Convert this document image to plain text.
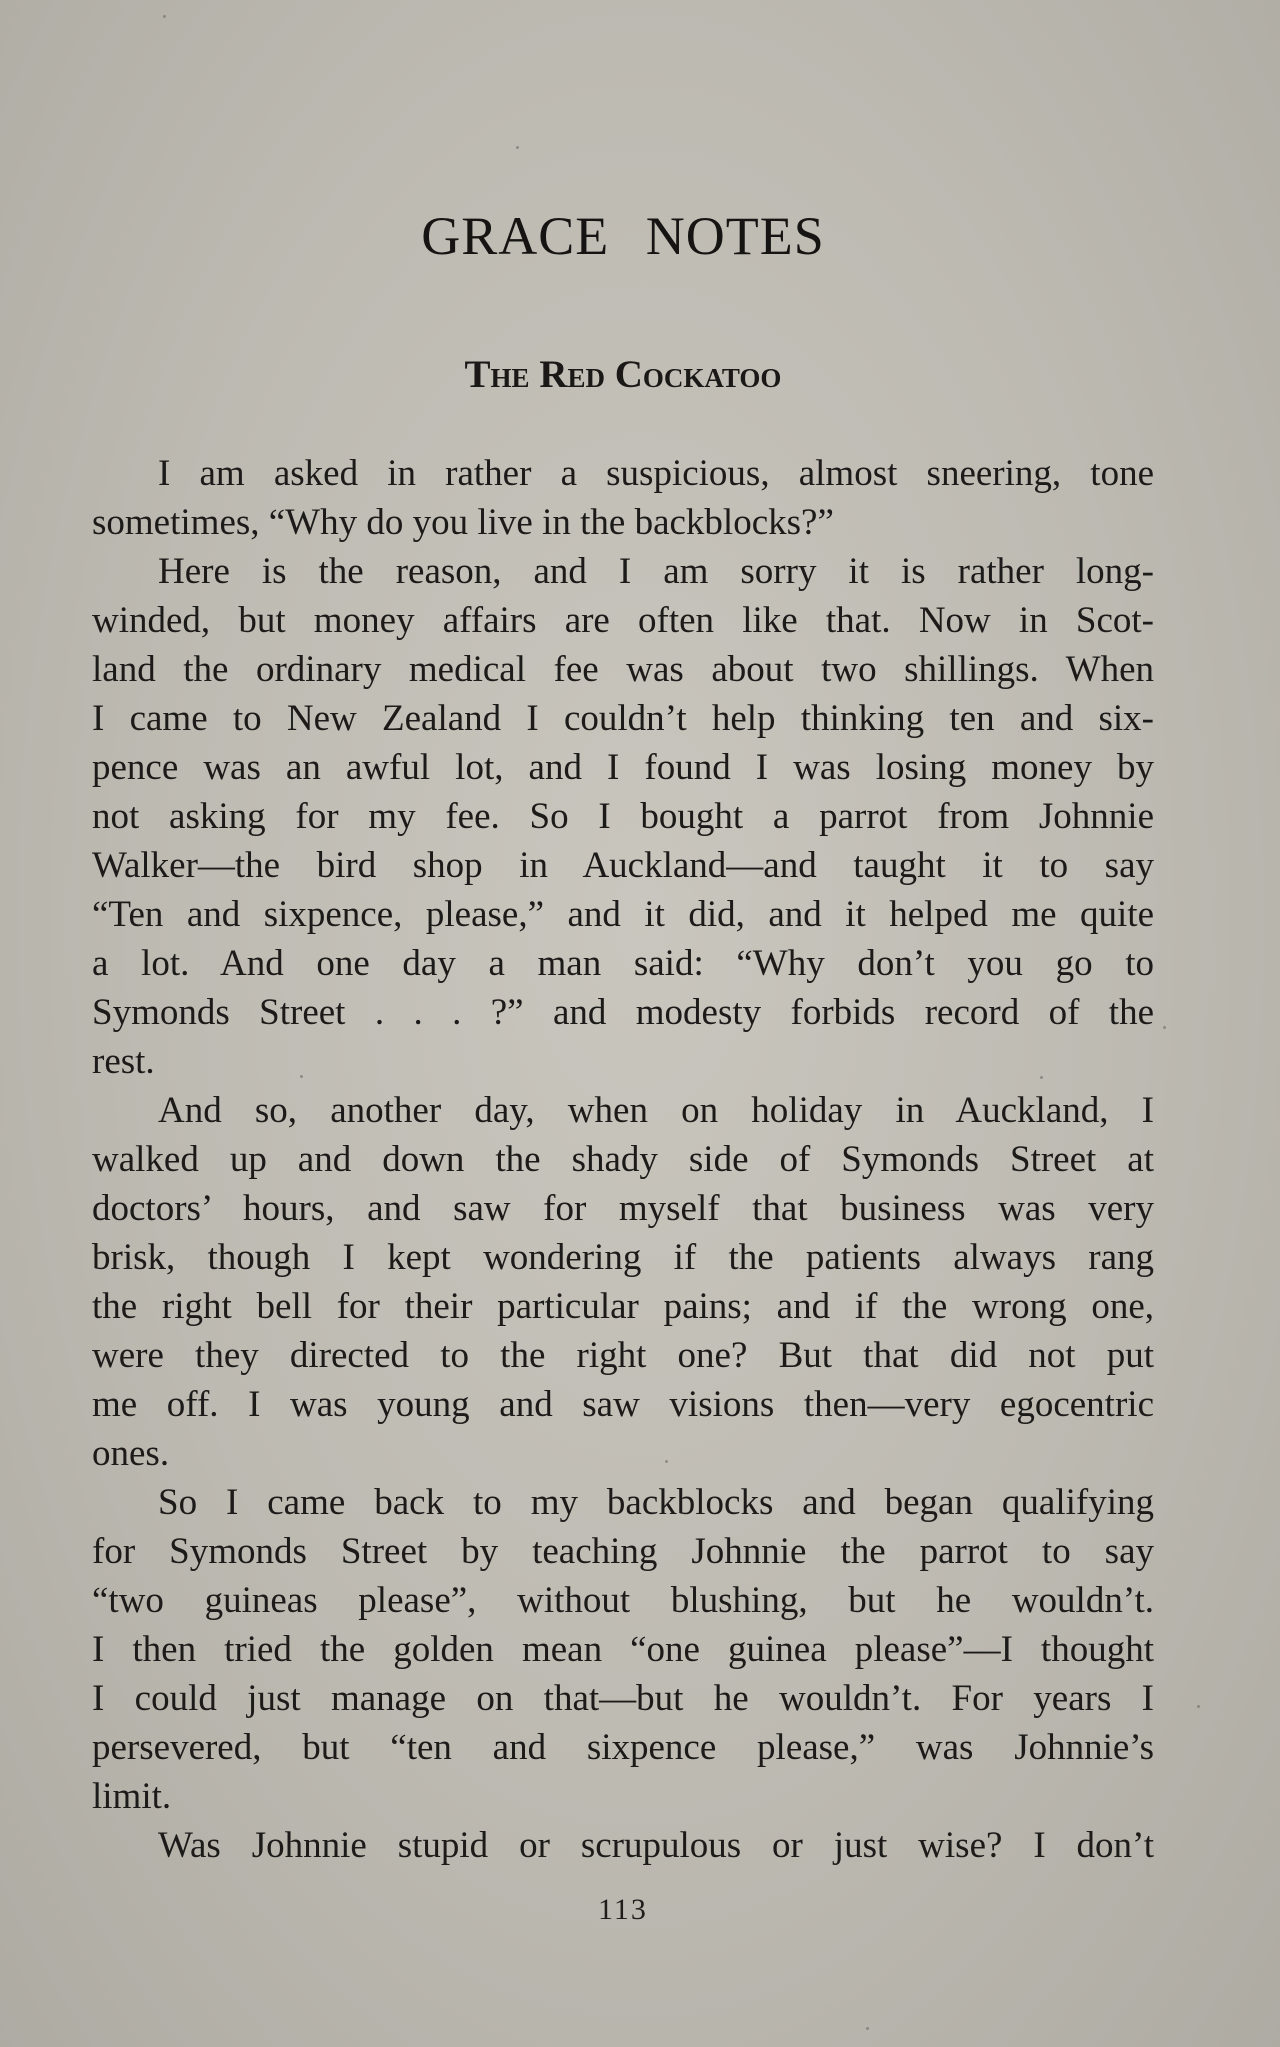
GRACE NOTES
The Red Cockatoo
I am asked in rather a suspicious, almost sneering, tone
sometimes, “Why do you live in the backblocks?”
Here is the reason, and I am sorry it is rather long-
winded, but money affairs are often like that. Now in Scot-
land the ordinary medical fee was about two shillings. When
I came to New Zealand I couldn’t help thinking ten and six-
pence was an awful lot, and I found I was losing money by
not asking for my fee. So I bought a parrot from Johnnie
Walker—the bird shop in Auckland—and taught it to say
“Ten and sixpence, please,” and it did, and it helped me quite
a lot. And one day a man said: “Why don’t you go to
Symonds Street . . . ?” and modesty forbids record of the
rest.
And so, another day, when on holiday in Auckland, I
walked up and down the shady side of Symonds Street at
doctors’ hours, and saw for myself that business was very
brisk, though I kept wondering if the patients always rang
the right bell for their particular pains; and if the wrong one,
were they directed to the right one? But that did not put
me off. I was young and saw visions then—very egocentric
ones.
So I came back to my backblocks and began qualifying
for Symonds Street by teaching Johnnie the parrot to say
“two guineas please”, without blushing, but he wouldn’t.
I then tried the golden mean “one guinea please”—I thought
I could just manage on that—but he wouldn’t. For years I
persevered, but “ten and sixpence please,” was Johnnie’s
limit.
Was Johnnie stupid or scrupulous or just wise? I don’t
113
